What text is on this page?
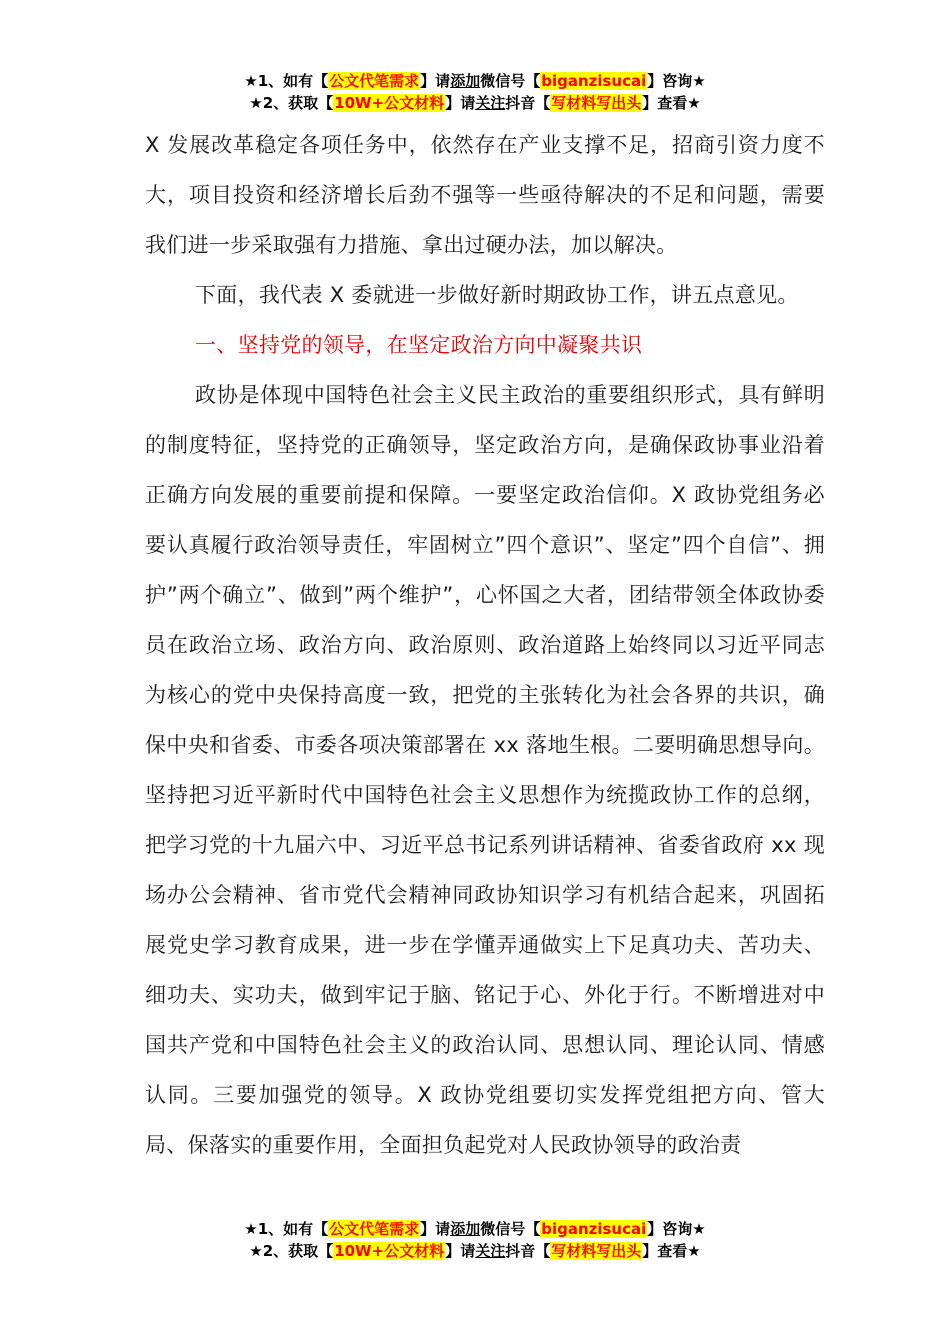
★1、如有【公文代笔需求】请添加微信号【biganzisucai】咨询★
★2、获取【10W+公文材料】请关注抖音【写材料写出头】查看★

X 发展改革稳定各项任务中，依然存在产业支撑不足，招商引资力度不大，项目投资和经济增长后劲不强等一些亟待解决的不足和问题，需要我们进一步采取强有力措施、拿出过硬办法，加以解决。

下面，我代表 X 委就进一步做好新时期政协工作，讲五点意见。

一、坚持党的领导，在坚定政治方向中凝聚共识

政协是体现中国特色社会主义民主政治的重要组织形式，具有鲜明的制度特征，坚持党的正确领导，坚定政治方向，是确保政协事业沿着正确方向发展的重要前提和保障。一要坚定政治信仰。X 政协党组务必要认真履行政治领导责任，牢固树立”四个意识”、坚定”四个自信”、拥护”两个确立”、做到”两个维护”，心怀国之大者，团结带领全体政协委员在政治立场、政治方向、政治原则、政治道路上始终同以习近平同志为核心的党中央保持高度一致，把党的主张转化为社会各界的共识，确保中央和省委、市委各项决策部署在 xx 落地生根。二要明确思想导向。坚持把习近平新时代中国特色社会主义思想作为统揽政协工作的总纲，把学习党的十九届六中、习近平总书记系列讲话精神、省委省政府 xx 现场办公会精神、省市党代会精神同政协知识学习有机结合起来，巩固拓展党史学习教育成果，进一步在学懂弄通做实上下足真功夫、苦功夫、细功夫、实功夫，做到牢记于脑、铭记于心、外化于行。不断增进对中国共产党和中国特色社会主义的政治认同、思想认同、理论认同、情感认同。三要加强党的领导。X 政协党组要切实发挥党组把方向、管大局、保落实的重要作用，全面担负起党对人民政协领导的政治责

★1、如有【公文代笔需求】请添加微信号【biganzisucai】咨询★
★2、获取【10W+公文材料】请关注抖音【写材料写出头】查看★
